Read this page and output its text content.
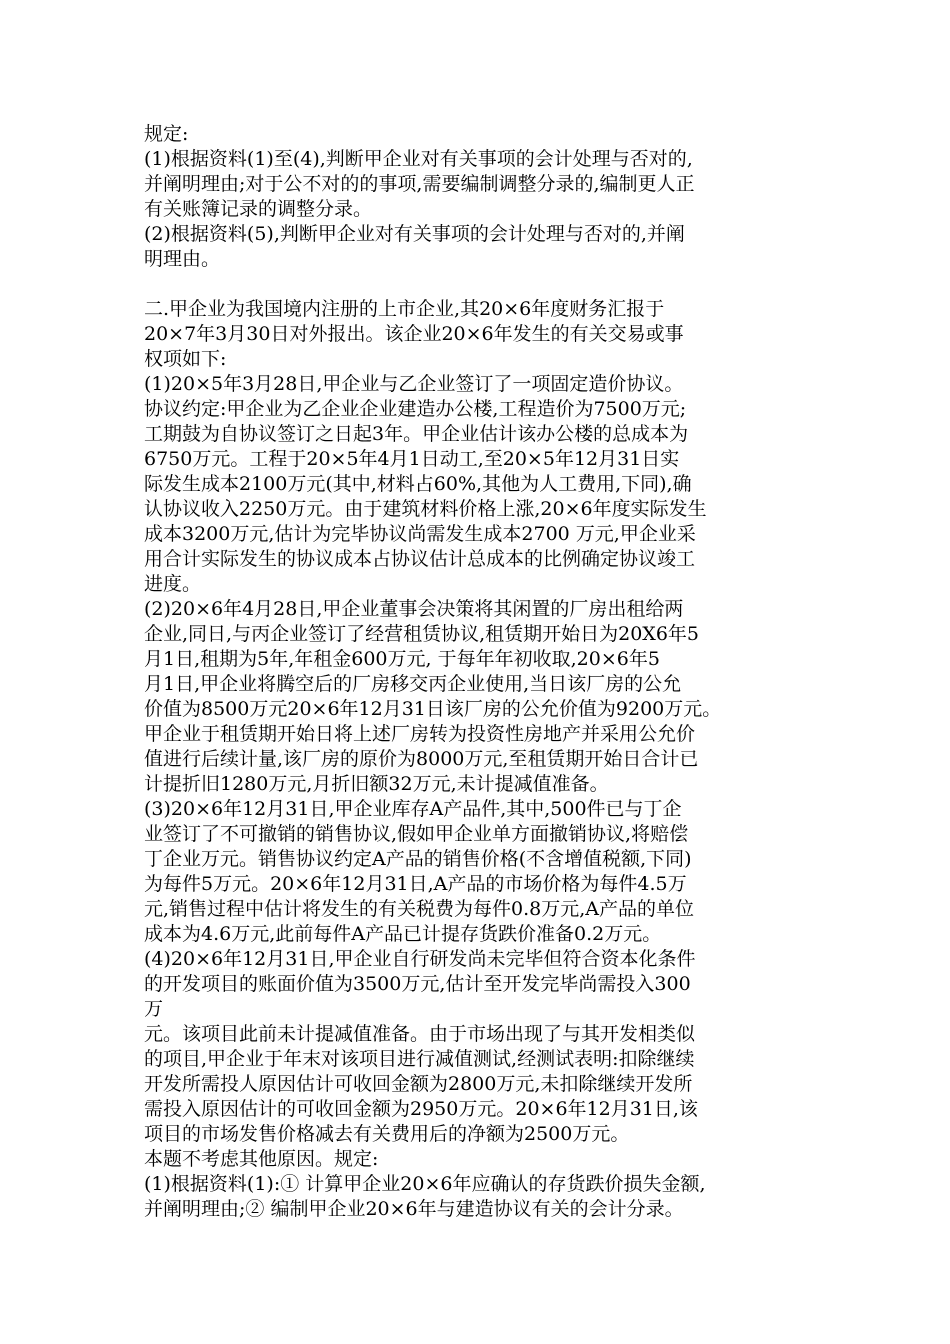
规定:
(1)根据资料(1)至(4),判断甲企业对有关事项的会计处理与否对的,
并阐明理由;对于公不对的的事项,需要编制调整分录的,编制更人正
有关账簿记录的调整分录。
(2)根据资料(5),判断甲企业对有关事项的会计处理与否对的,并阐
明理由。
二.甲企业为我国境内注册的上市企业,其20×6年度财务汇报于
20×7年3月30日对外报出。该企业20×6年发生的有关交易或事
权项如下:
(1)20×5年3月28日,甲企业与乙企业签订了一项固定造价协议。
协议约定:甲企业为乙企业企业建造办公楼,工程造价为7500万元;
工期鼓为自协议签订之日起3年。甲企业估计该办公楼的总成本为
6750万元。工程于20×5年4月1日动工,至20×5年12月31日实
际发生成本2100万元(其中,材料占60%,其他为人工费用,下同),确
认协议收入2250万元。由于建筑材料价格上涨,20×6年度实际发生
成本3200万元,估计为完毕协议尚需发生成本2700 万元,甲企业采
用合计实际发生的协议成本占协议估计总成本的比例确定协议竣工
进度。
(2)20×6年4月28日,甲企业董事会决策将其闲置的厂房出租给两
企业,同日,与丙企业签订了经营租赁协议,租赁期开始日为20X6年5
月1日,租期为5年,年租金600万元, 于每年年初收取,20×6年5
月1日,甲企业将腾空后的厂房移交丙企业使用,当日该厂房的公允
价值为8500万元20×6年12月31日该厂房的公允价值为9200万元。
甲企业于租赁期开始日将上述厂房转为投资性房地产并采用公允价
值进行后续计量,该厂房的原价为8000万元,至租赁期开始日合计已
计提折旧1280万元,月折旧额32万元,未计提减值准备。
(3)20×6年12月31日,甲企业库存A产品件,其中,500件已与丁企
业签订了不可撤销的销售协议,假如甲企业单方面撤销协议,将赔偿
丁企业万元。销售协议约定A产品的销售价格(不含增值税额,下同)
为每件5万元。20×6年12月31日,A产品的市场价格为每件4.5万
元,销售过程中估计将发生的有关税费为每件0.8万元,A产品的单位
成本为4.6万元,此前每件A产品已计提存货跌价准备0.2万元。
(4)20×6年12月31日,甲企业自行研发尚未完毕但符合资本化条件
的开发项目的账面价值为3500万元,估计至开发完毕尚需投入300
万
元。该项目此前未计提减值准备。由于市场出现了与其开发相类似
的项目,甲企业于年末对该项目进行减值测试,经测试表明:扣除继续
开发所需投人原因估计可收回金额为2800万元,未扣除继续开发所
需投入原因估计的可收回金额为2950万元。20×6年12月31日,该
项目的市场发售价格减去有关费用后的净额为2500万元。
本题不考虑其他原因。规定:
(1)根据资料(1):① 计算甲企业20×6年应确认的存货跌价损失金额,
并阐明理由;② 编制甲企业20×6年与建造协议有关的会计分录。
